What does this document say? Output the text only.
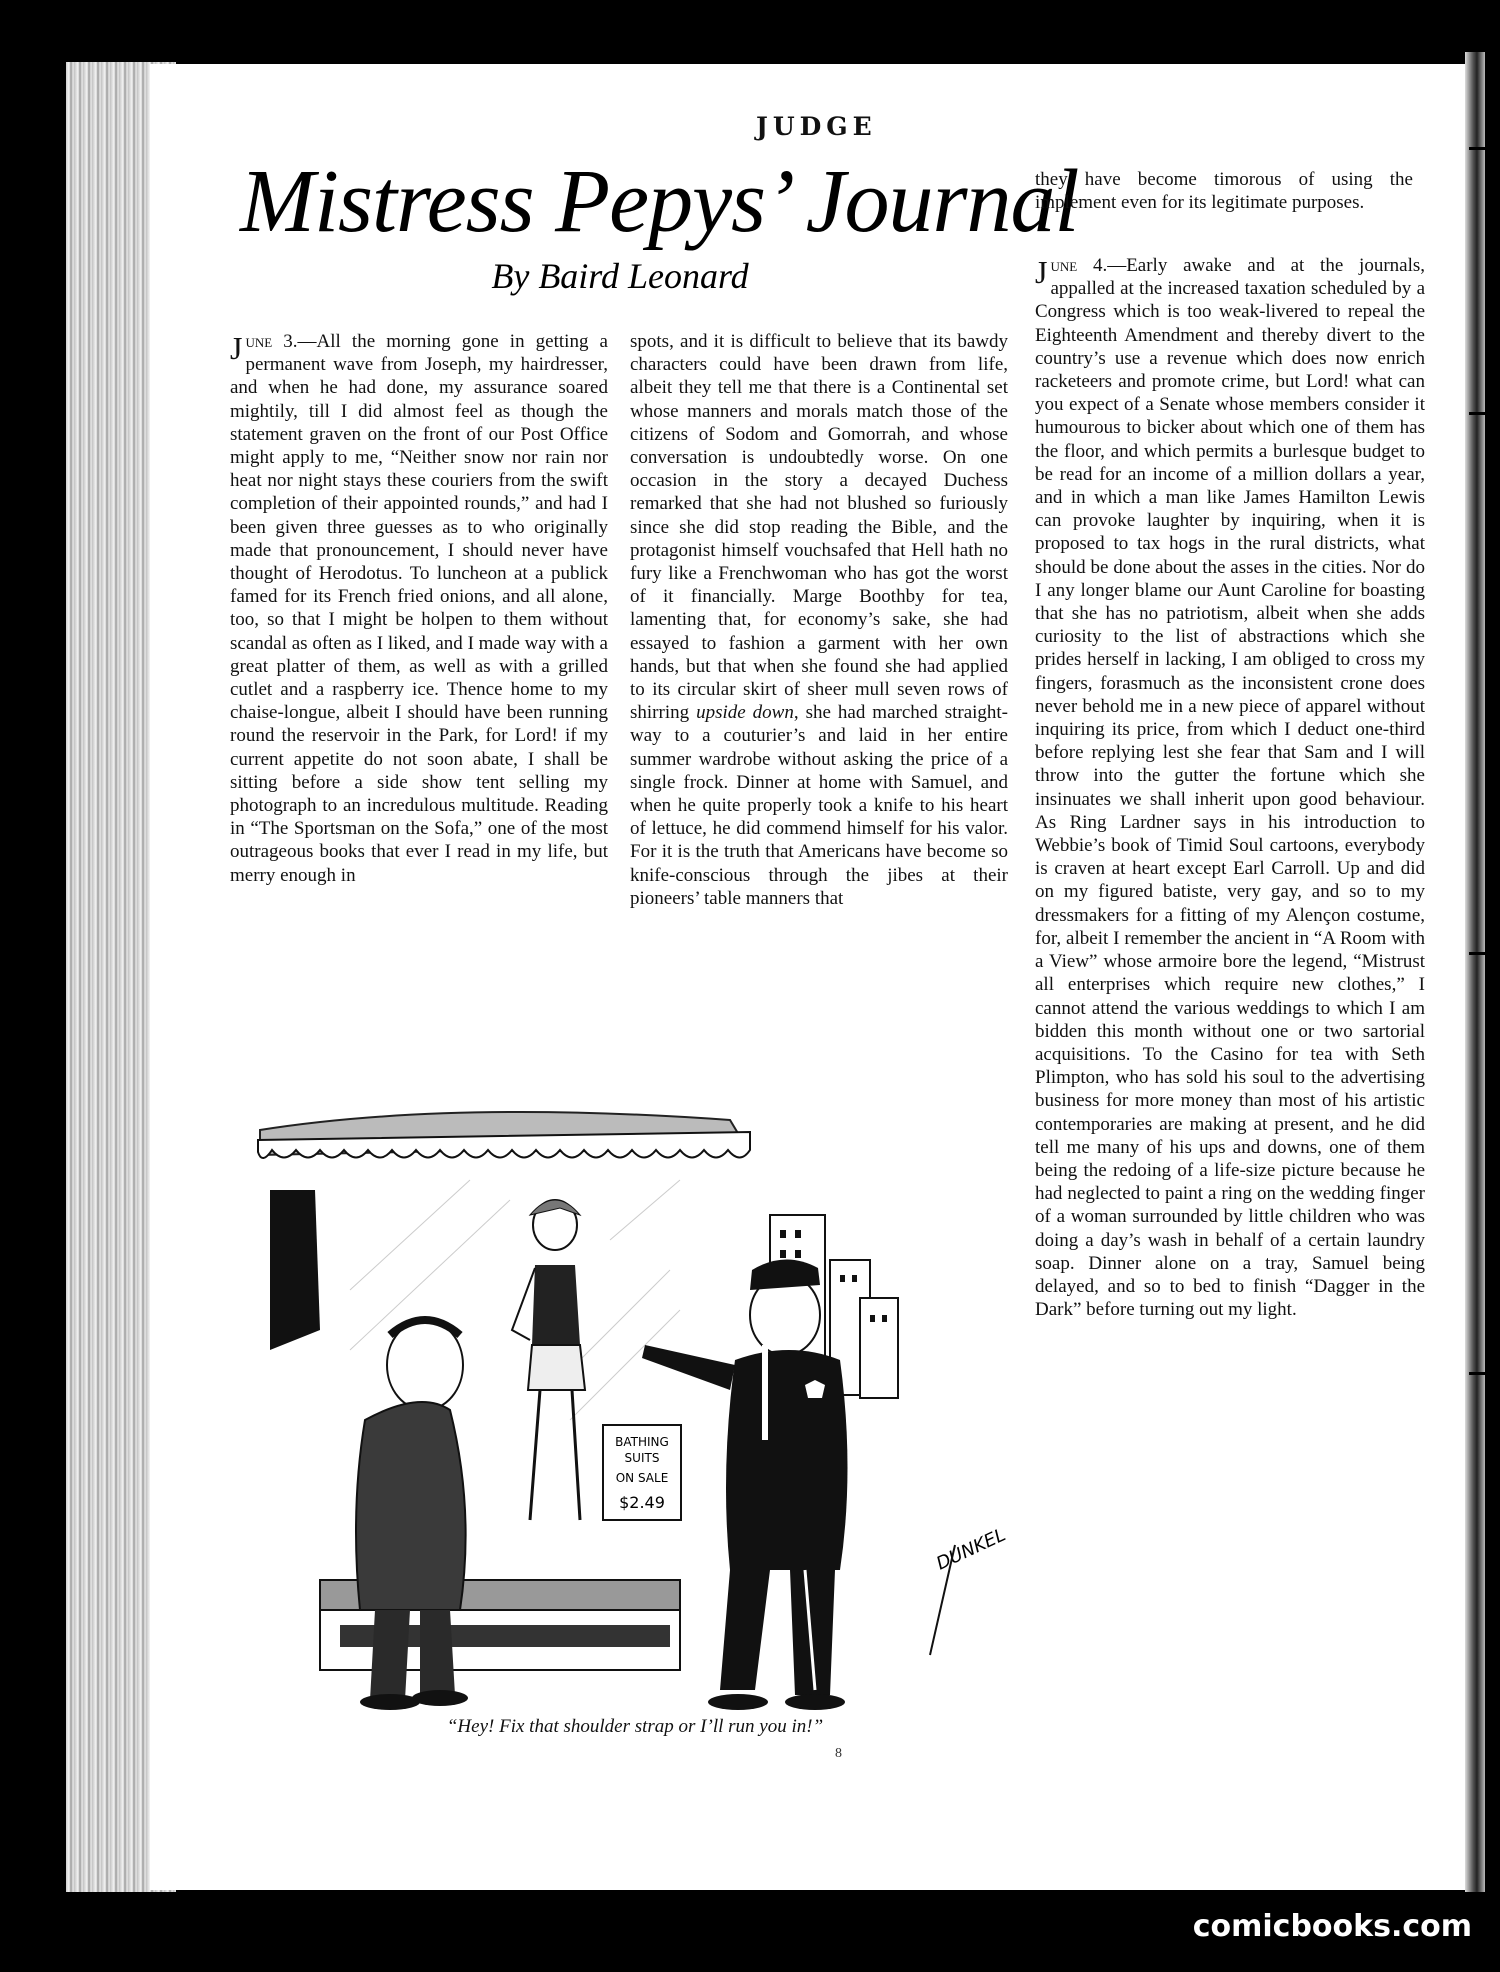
JUDGE
Mistress Pepys’ Journal
By Baird Leonard
June 3.—All the morning gone in getting a permanent wave from Joseph, my hairdresser, and when he had done, my assurance soared mightily, till I did almost feel as though the statement graven on the front of our Post Office might apply to me, “Neither snow nor rain nor heat nor night stays these couriers from the swift completion of their appointed rounds,” and had I been given three guesses as to who originally made that pronouncement, I should never have thought of Herodotus. To luncheon at a publick famed for its French fried onions, and all alone, too, so that I might be holpen to them without scandal as often as I liked, and I made way with a great platter of them, as well as with a grilled cutlet and a raspberry ice. Thence home to my chaise-longue, albeit I should have been running round the reservoir in the Park, for Lord! if my current appetite do not soon abate, I shall be sitting before a side show tent selling my photograph to an incredulous multitude. Reading in “The Sportsman on the Sofa,” one of the most outrageous books that ever I read in my life, but merry enough in
spots, and it is difficult to believe that its bawdy characters could have been drawn from life, albeit they tell me that there is a Continental set whose manners and morals match those of the citizens of Sodom and Gomorrah, and whose conversation is undoubtedly worse. On one occasion in the story a decayed Duchess remarked that she had not blushed so furiously since she did stop reading the Bible, and the protagonist himself vouchsafed that Hell hath no fury like a Frenchwoman who has got the worst of it financially. Marge Boothby for tea, lamenting that, for economy’s sake, she had essayed to fashion a garment with her own hands, but that when she found she had applied to its circular skirt of sheer mull seven rows of shirring upside down, she had marched straight-way to a couturier’s and laid in her entire summer wardrobe without asking the price of a single frock. Dinner at home with Samuel, and when he quite properly took a knife to his heart of lettuce, he did commend himself for his valor. For it is the truth that Americans have become so knife-conscious through the jibes at their pioneers’ table manners that
they have become timorous of using the implement even for its legitimate purposes.
June 4.—Early awake and at the journals, appalled at the increased taxation scheduled by a Congress which is too weak-livered to repeal the Eighteenth Amendment and thereby divert to the country’s use a revenue which does now enrich racketeers and promote crime, but Lord! what can you expect of a Senate whose members consider it humourous to bicker about which one of them has the floor, and which permits a burlesque budget to be read for an income of a million dollars a year, and in which a man like James Hamilton Lewis can provoke laughter by inquiring, when it is proposed to tax hogs in the rural districts, what should be done about the asses in the cities. Nor do I any longer blame our Aunt Caroline for boasting that she has no patriotism, albeit when she adds curiosity to the list of abstractions which she prides herself in lacking, I am obliged to cross my fingers, forasmuch as the inconsistent crone does never behold me in a new piece of apparel without inquiring its price, from which I deduct one-third before replying lest she fear that Sam and I will throw into the gutter the fortune which she insinuates we shall inherit upon good behaviour. As Ring Lardner says in his introduction to Webbie’s book of Timid Soul cartoons, everybody is craven at heart except Earl Carroll. Up and did on my figured batiste, very gay, and so to my dressmakers for a fitting of my Alençon costume, for, albeit I remember the ancient in “A Room with a View” whose armoire bore the legend, “Mistrust all enterprises which require new clothes,” I cannot attend the various weddings to which I am bidden this month without one or two sartorial acquisitions. To the Casino for tea with Seth Plimpton, who has sold his soul to the advertising business for more money than most of his artistic contemporaries are making at present, and he did tell me many of his ups and downs, one of them being the redoing of a life-size picture because he had neglected to paint a ring on the wedding finger of a woman surrounded by little children who was doing a day’s wash in behalf of a certain laundry soap. Dinner alone on a tray, Samuel being delayed, and so to bed to finish “Dagger in the Dark” before turning out my light.
BATHING
SUITS
ON SALE
$2.49
DUNKEL
“Hey! Fix that shoulder strap or I’ll run you in!”
8
comicbooks.com
